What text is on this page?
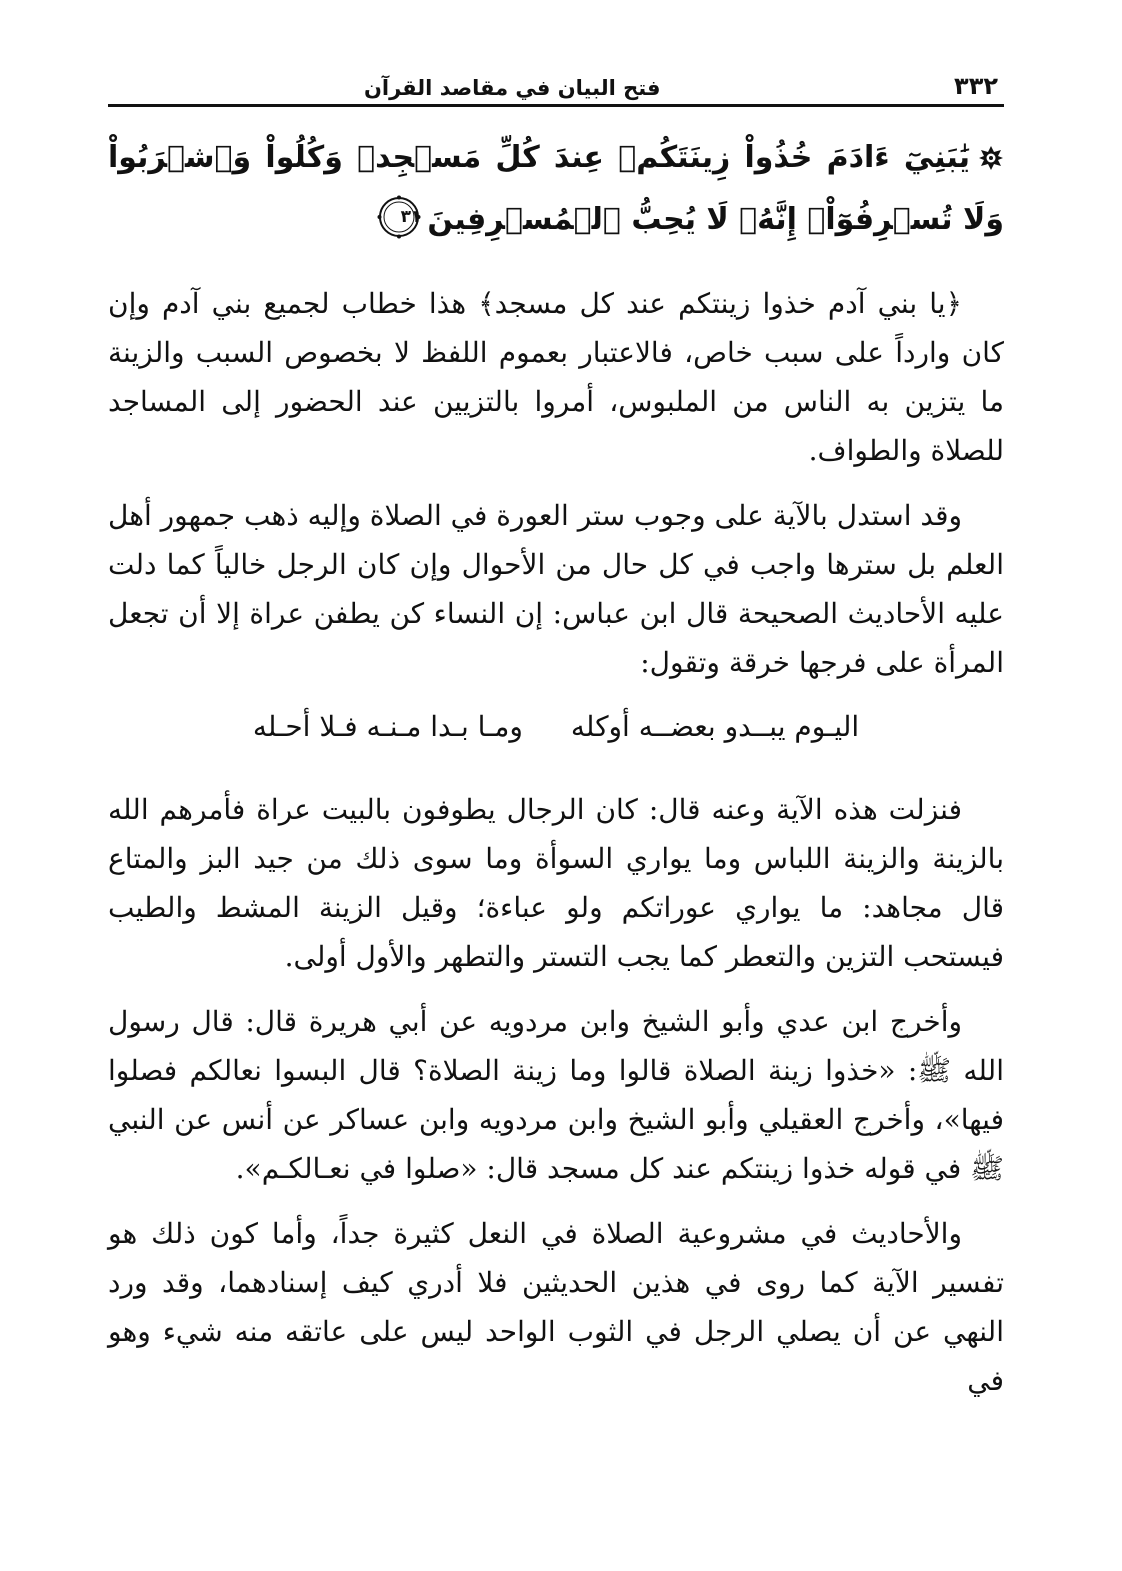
٣٣٢
فتح البيان في مقاصد القرآن
يَٰبَنِيٓ ءَادَمَ خُذُواْ زِينَتَكُمۡ عِندَ كُلِّ مَسۡجِدٖ وَكُلُواْ وَٱشۡرَبُواْ وَلَا تُسۡرِفُوٓاْۚ إِنَّهُۥ لَا يُحِبُّ ٱلۡمُسۡرِفِينَ
٣١

﴿يا بني آدم خذوا زينتكم عند كل مسجد﴾ هذا خطاب لجميع بني آدم وإن كان وارداً على سبب خاص، فالاعتبار بعموم اللفظ لا بخصوص السبب والزينة ما يتزين به الناس من الملبوس، أمروا بالتزيين عند الحضور إلى المساجد للصلاة والطواف.

وقد استدل بالآية على وجوب ستر العورة في الصلاة وإليه ذهب جمهور أهل العلم بل سترها واجب في كل حال من الأحوال وإن كان الرجل خالياً كما دلت عليه الأحاديث الصحيحة قال ابن عباس: إن النساء كن يطفن عراة إلا أن تجعل المرأة على فرجها خرقة وتقول:

اليـوم يبــدو بعضــه أوكله
ومـا بـدا مـنـه فـلا أحـله

فنزلت هذه الآية وعنه قال: كان الرجال يطوفون بالبيت عراة فأمرهم الله بالزينة والزينة اللباس وما يواري السوأة وما سوى ذلك من جيد البز والمتاع قال مجاهد: ما يواري عوراتكم ولو عباءة؛ وقيل الزينة المشط والطيب فيستحب التزين والتعطر كما يجب التستر والتطهر والأول أولى.

وأخرج ابن عدي وأبو الشيخ وابن مردويه عن أبي هريرة قال: قال رسول الله ﷺ: «خذوا زينة الصلاة قالوا وما زينة الصلاة؟ قال البسوا نعالكم فصلوا فيها»، وأخرج العقيلي وأبو الشيخ وابن مردويه وابن عساكر عن أنس عن النبي ﷺ في قوله خذوا زينتكم عند كل مسجد قال: «صلوا في نعـالكـم».

والأحاديث في مشروعية الصلاة في النعل كثيرة جداً، وأما كون ذلك هو تفسير الآية كما روى في هذين الحديثين فلا أدري كيف إسنادهما، وقد ورد النهي عن أن يصلي الرجل في الثوب الواحد ليس على عاتقه منه شيء وهو في
